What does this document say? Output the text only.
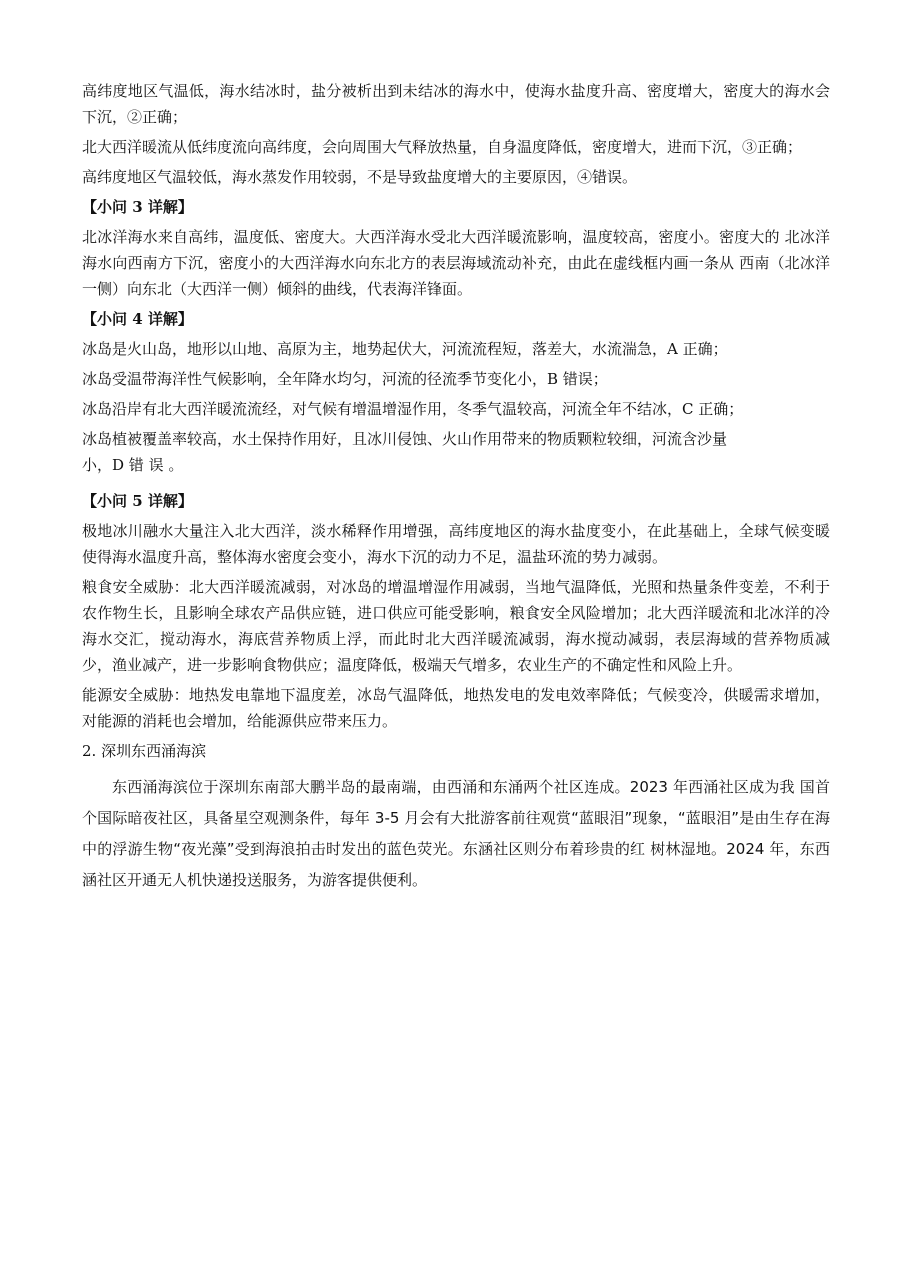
高纬度地区气温低，海水结冰时，盐分被析出到未结冰的海水中，使海水盐度升高、密度增大，密度大的海水会下沉，②正确；

北大西洋暖流从低纬度流向高纬度，会向周围大气释放热量，自身温度降低，密度增大，进而下沉，③正确；

高纬度地区气温较低，海水蒸发作用较弱，不是导致盐度增大的主要原因，④错误。

【小问 3 详解】

北冰洋海水来自高纬，温度低、密度大。大西洋海水受北大西洋暖流影响，温度较高，密度小。密度大的 北冰洋海水向西南方下沉，密度小的大西洋海水向东北方的表层海域流动补充，由此在虚线框内画一条从 西南（北冰洋一侧）向东北（大西洋一侧）倾斜的曲线，代表海洋锋面。

【小问 4 详解】

冰岛是火山岛，地形以山地、高原为主，地势起伏大，河流流程短，落差大，水流湍急，A 正确；

冰岛受温带海洋性气候影响，全年降水均匀，河流的径流季节变化小，B 错误；

冰岛沿岸有北大西洋暖流流经，对气候有增温增湿作用，冬季气温较高，河流全年不结冰，C 正确；

冰岛植被覆盖率较高，水土保持作用好，且冰川侵蚀、火山作用带来的物质颗粒较细，河流含沙量

小，D 错 误 。

【小问 5 详解】

极地冰川融水大量注入北大西洋，淡水稀释作用增强，高纬度地区的海水盐度变小，在此基础上，全球气候变暖使得海水温度升高，整体海水密度会变小，海水下沉的动力不足，温盐环流的势力减弱。

粮食安全威胁：北大西洋暖流减弱，对冰岛的增温增湿作用减弱，当地气温降低，光照和热量条件变差，不利于农作物生长，且影响全球农产品供应链，进口供应可能受影响，粮食安全风险增加；北大西洋暖流和北冰洋的冷海水交汇，搅动海水，海底营养物质上浮，而此时北大西洋暖流减弱，海水搅动减弱，表层海域的营养物质减少，渔业减产，进一步影响食物供应；温度降低，极端天气增多，农业生产的不确定性和风险上升。

能源安全威胁：地热发电靠地下温度差，冰岛气温降低，地热发电的发电效率降低；气候变冷，供暖需求增加，对能源的消耗也会增加，给能源供应带来压力。

2. 深圳东西涌海滨

东西涌海滨位于深圳东南部大鹏半岛的最南端，由西涌和东涌两个社区连成。2023 年西涌社区成为我 国首个国际暗夜社区，具备星空观测条件，每年 3-5 月会有大批游客前往观赏“蓝眼泪”现象，“蓝眼泪”是由生存在海中的浮游生物“夜光藻”受到海浪拍击时发出的蓝色荧光。东涵社区则分布着珍贵的红 树林湿地。2024 年，东西涵社区开通无人机快递投送服务，为游客提供便利。
